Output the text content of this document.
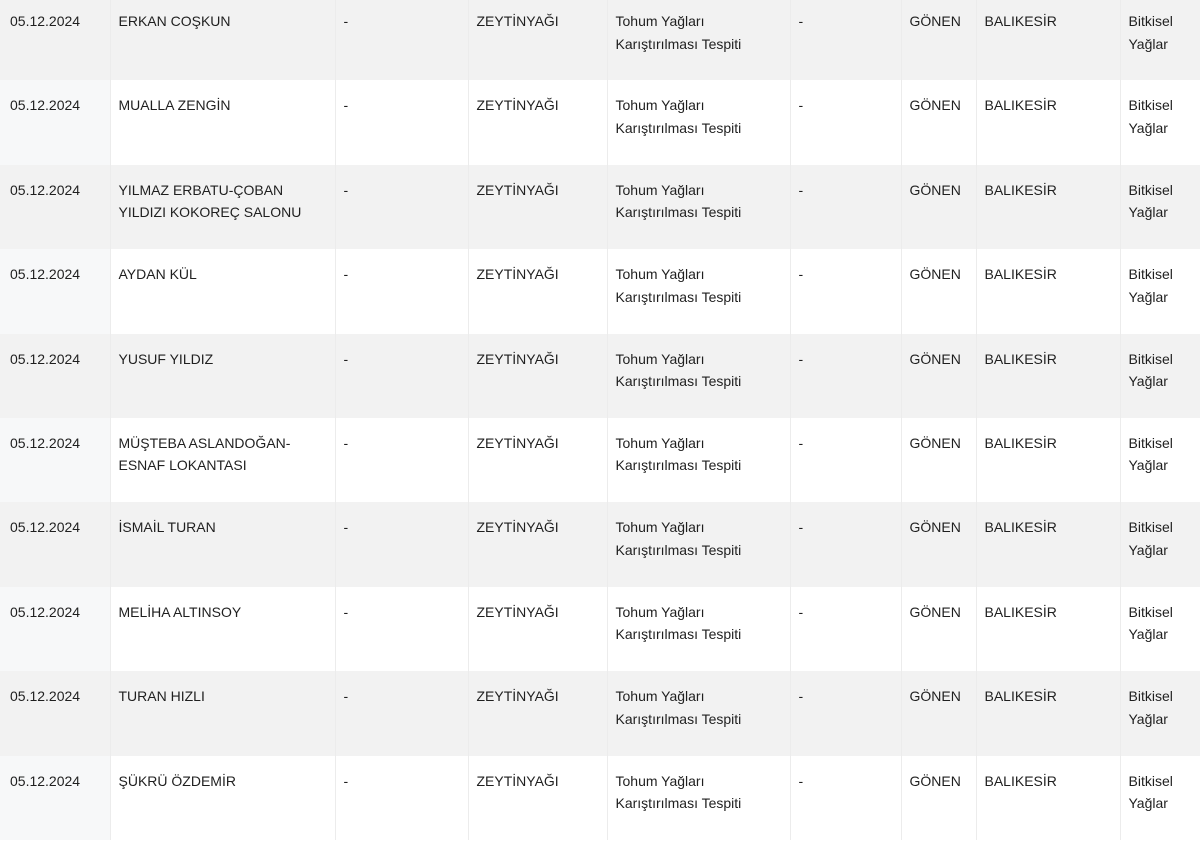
05.12.2024	ERKAN COŞKUN	-	ZEYTİNYAĞI	Tohum Yağları Karıştırılması Tespiti	-	GÖNEN	BALIKESİR	Bitkisel Yağlar
05.12.2024	MUALLA ZENGİN	-	ZEYTİNYAĞI	Tohum Yağları Karıştırılması Tespiti	-	GÖNEN	BALIKESİR	Bitkisel Yağlar
05.12.2024	YILMAZ ERBATU-ÇOBAN YILDIZI KOKOREÇ SALONU	-	ZEYTİNYAĞI	Tohum Yağları Karıştırılması Tespiti	-	GÖNEN	BALIKESİR	Bitkisel Yağlar
05.12.2024	AYDAN KÜL	-	ZEYTİNYAĞI	Tohum Yağları Karıştırılması Tespiti	-	GÖNEN	BALIKESİR	Bitkisel Yağlar
05.12.2024	YUSUF YILDIZ	-	ZEYTİNYAĞI	Tohum Yağları Karıştırılması Tespiti	-	GÖNEN	BALIKESİR	Bitkisel Yağlar
05.12.2024	MÜŞTEBA ASLANDOĞAN-ESNAF LOKANTASI	-	ZEYTİNYAĞI	Tohum Yağları Karıştırılması Tespiti	-	GÖNEN	BALIKESİR	Bitkisel Yağlar
05.12.2024	İSMAİL TURAN	-	ZEYTİNYAĞI	Tohum Yağları Karıştırılması Tespiti	-	GÖNEN	BALIKESİR	Bitkisel Yağlar
05.12.2024	MELİHA ALTINSOY	-	ZEYTİNYAĞI	Tohum Yağları Karıştırılması Tespiti	-	GÖNEN	BALIKESİR	Bitkisel Yağlar
05.12.2024	TURAN HIZLI	-	ZEYTİNYAĞI	Tohum Yağları Karıştırılması Tespiti	-	GÖNEN	BALIKESİR	Bitkisel Yağlar
05.12.2024	ŞÜKRÜ ÖZDEMİR	-	ZEYTİNYAĞI	Tohum Yağları Karıştırılması Tespiti	-	GÖNEN	BALIKESİR	Bitkisel Yağlar
